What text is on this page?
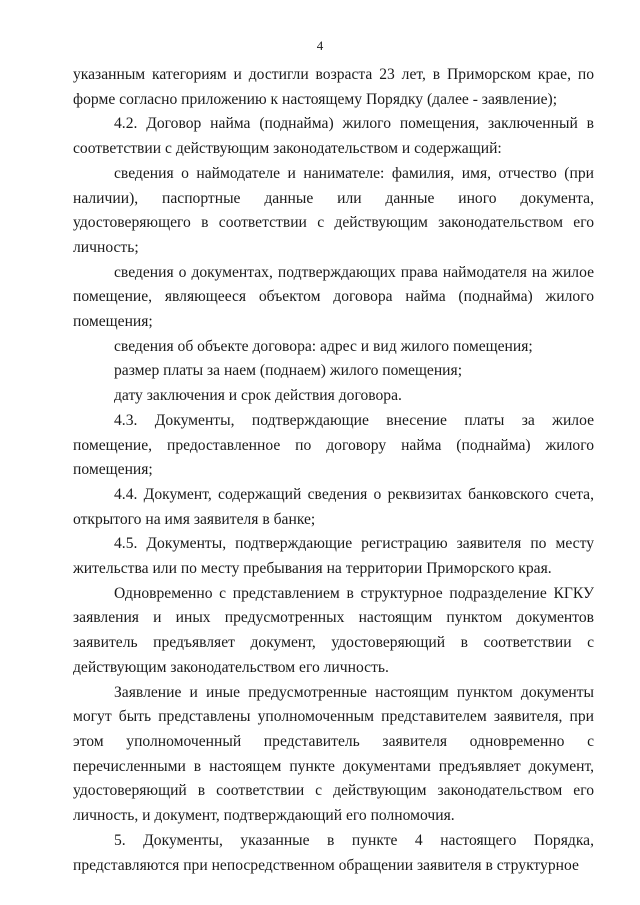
4

указанным категориям и достигли возраста 23 лет, в Приморском крае, по форме согласно приложению к настоящему Порядку (далее - заявление);

4.2. Договор найма (поднайма) жилого помещения, заключенный в соответствии с действующим законодательством и содержащий:

сведения о наймодателе и нанимателе: фамилия, имя, отчество (при наличии), паспортные данные или данные иного документа, удостоверяющего в соответствии с действующим законодательством его личность;

сведения о документах, подтверждающих права наймодателя на жилое помещение, являющееся объектом договора найма (поднайма) жилого помещения;

сведения об объекте договора: адрес и вид жилого помещения;

размер платы за наем (поднаем) жилого помещения;

дату заключения и срок действия договора.

4.3. Документы, подтверждающие внесение платы за жилое помещение, предоставленное по договору найма (поднайма) жилого помещения;

4.4. Документ, содержащий сведения о реквизитах банковского счета, открытого на имя заявителя в банке;

4.5. Документы, подтверждающие регистрацию заявителя по месту жительства или по месту пребывания на территории Приморского края.

Одновременно с представлением в структурное подразделение КГКУ заявления и иных предусмотренных настоящим пунктом документов заявитель предъявляет документ, удостоверяющий в соответствии с действующим законодательством его личность.

Заявление и иные предусмотренные настоящим пунктом документы могут быть представлены уполномоченным представителем заявителя, при этом уполномоченный представитель заявителя одновременно с перечисленными в настоящем пункте документами предъявляет документ, удостоверяющий в соответствии с действующим законодательством его личность, и документ, подтверждающий его полномочия.

5. Документы, указанные в пункте 4 настоящего Порядка, представляются при непосредственном обращении заявителя в структурное
